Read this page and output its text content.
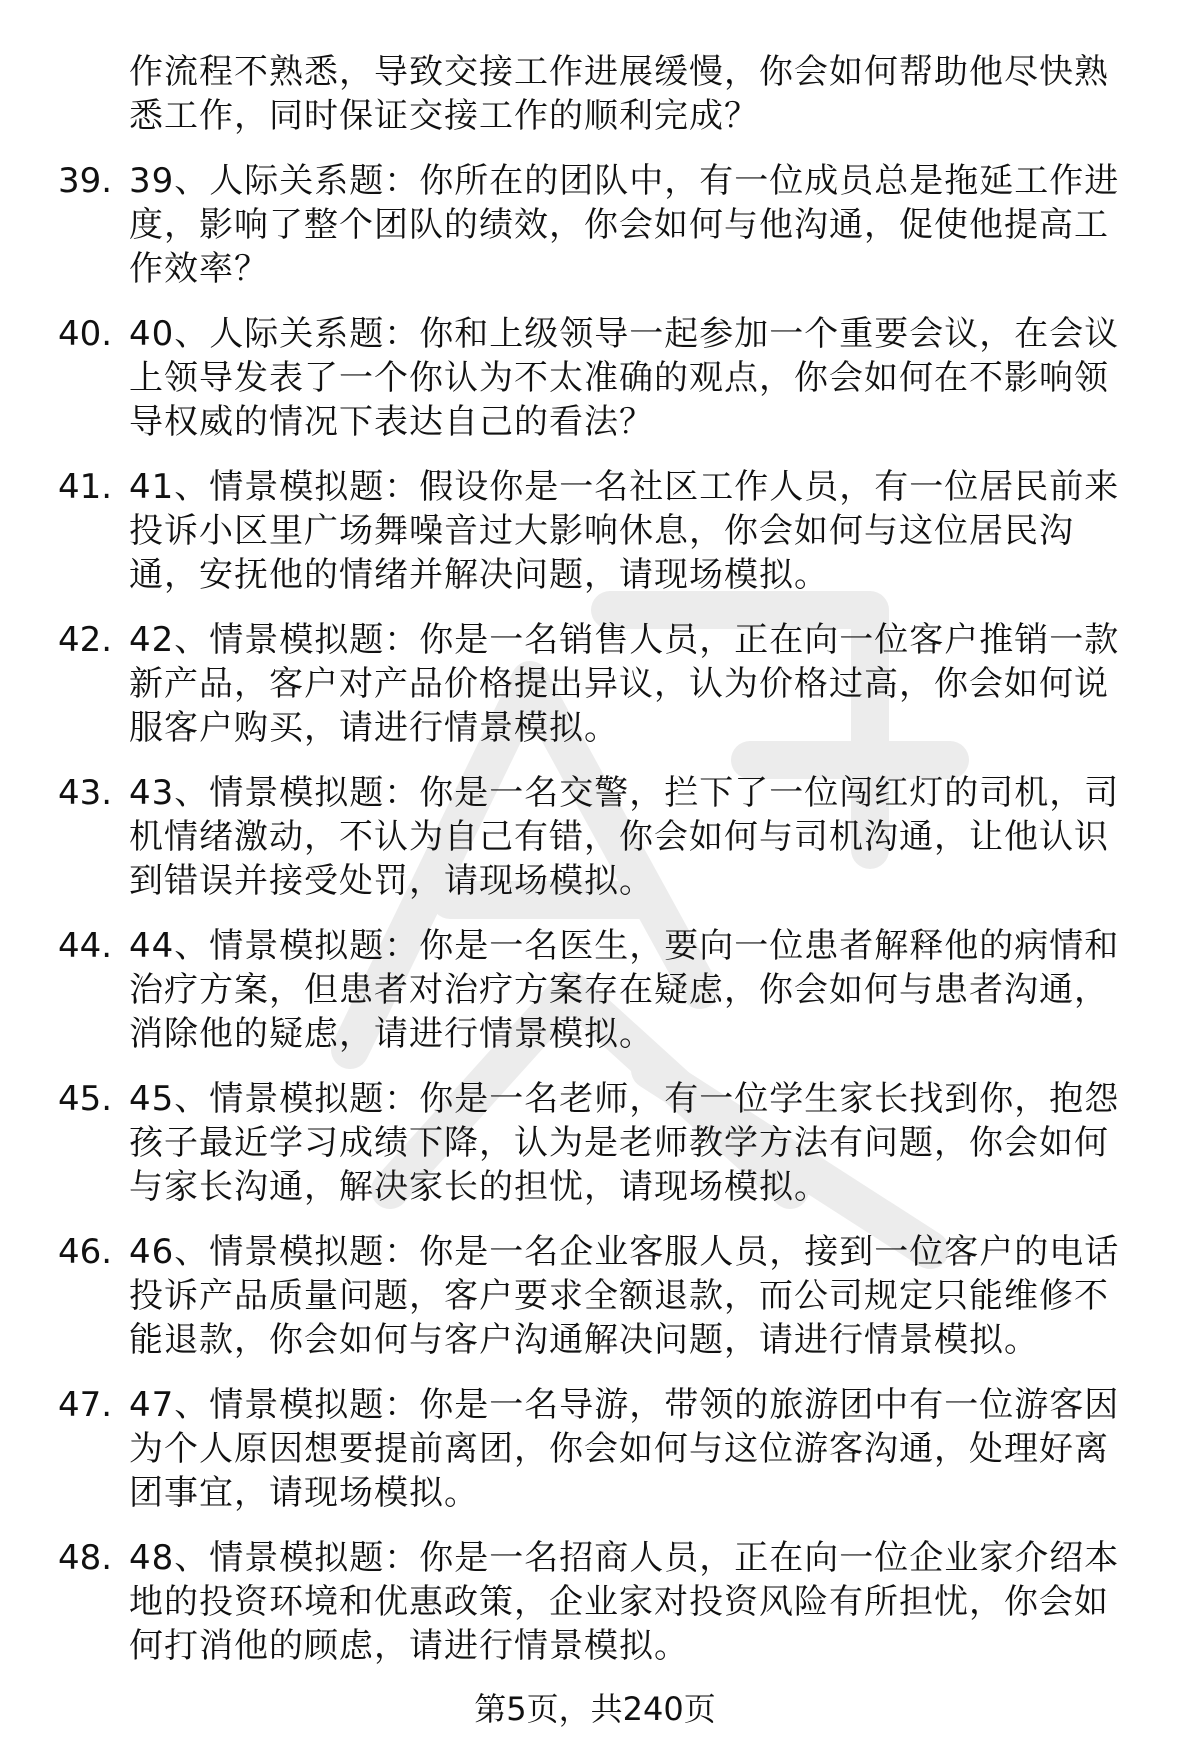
作流程不熟悉，导致交接工作进展缓慢，你会如何帮助他尽快熟
悉工作，同时保证交接工作的顺利完成？
39. 39、人际关系题：你所在的团队中，有一位成员总是拖延工作进
度，影响了整个团队的绩效，你会如何与他沟通，促使他提高工
作效率？
40. 40、人际关系题：你和上级领导一起参加一个重要会议，在会议
上领导发表了一个你认为不太准确的观点，你会如何在不影响领
导权威的情况下表达自己的看法？
41. 41、情景模拟题：假设你是一名社区工作人员，有一位居民前来
投诉小区里广场舞噪音过大影响休息，你会如何与这位居民沟
通，安抚他的情绪并解决问题，请现场模拟。
42. 42、情景模拟题：你是一名销售人员，正在向一位客户推销一款
新产品，客户对产品价格提出异议，认为价格过高，你会如何说
服客户购买，请进行情景模拟。
43. 43、情景模拟题：你是一名交警，拦下了一位闯红灯的司机，司
机情绪激动，不认为自己有错，你会如何与司机沟通，让他认识
到错误并接受处罚，请现场模拟。
44. 44、情景模拟题：你是一名医生，要向一位患者解释他的病情和
治疗方案，但患者对治疗方案存在疑虑，你会如何与患者沟通，
消除他的疑虑，请进行情景模拟。
45. 45、情景模拟题：你是一名老师，有一位学生家长找到你，抱怨
孩子最近学习成绩下降，认为是老师教学方法有问题，你会如何
与家长沟通，解决家长的担忧，请现场模拟。
46. 46、情景模拟题：你是一名企业客服人员，接到一位客户的电话
投诉产品质量问题，客户要求全额退款，而公司规定只能维修不
能退款，你会如何与客户沟通解决问题，请进行情景模拟。
47. 47、情景模拟题：你是一名导游，带领的旅游团中有一位游客因
为个人原因想要提前离团，你会如何与这位游客沟通，处理好离
团事宜，请现场模拟。
48. 48、情景模拟题：你是一名招商人员，正在向一位企业家介绍本
地的投资环境和优惠政策，企业家对投资风险有所担忧，你会如
何打消他的顾虑，请进行情景模拟。
第5页，共240页
